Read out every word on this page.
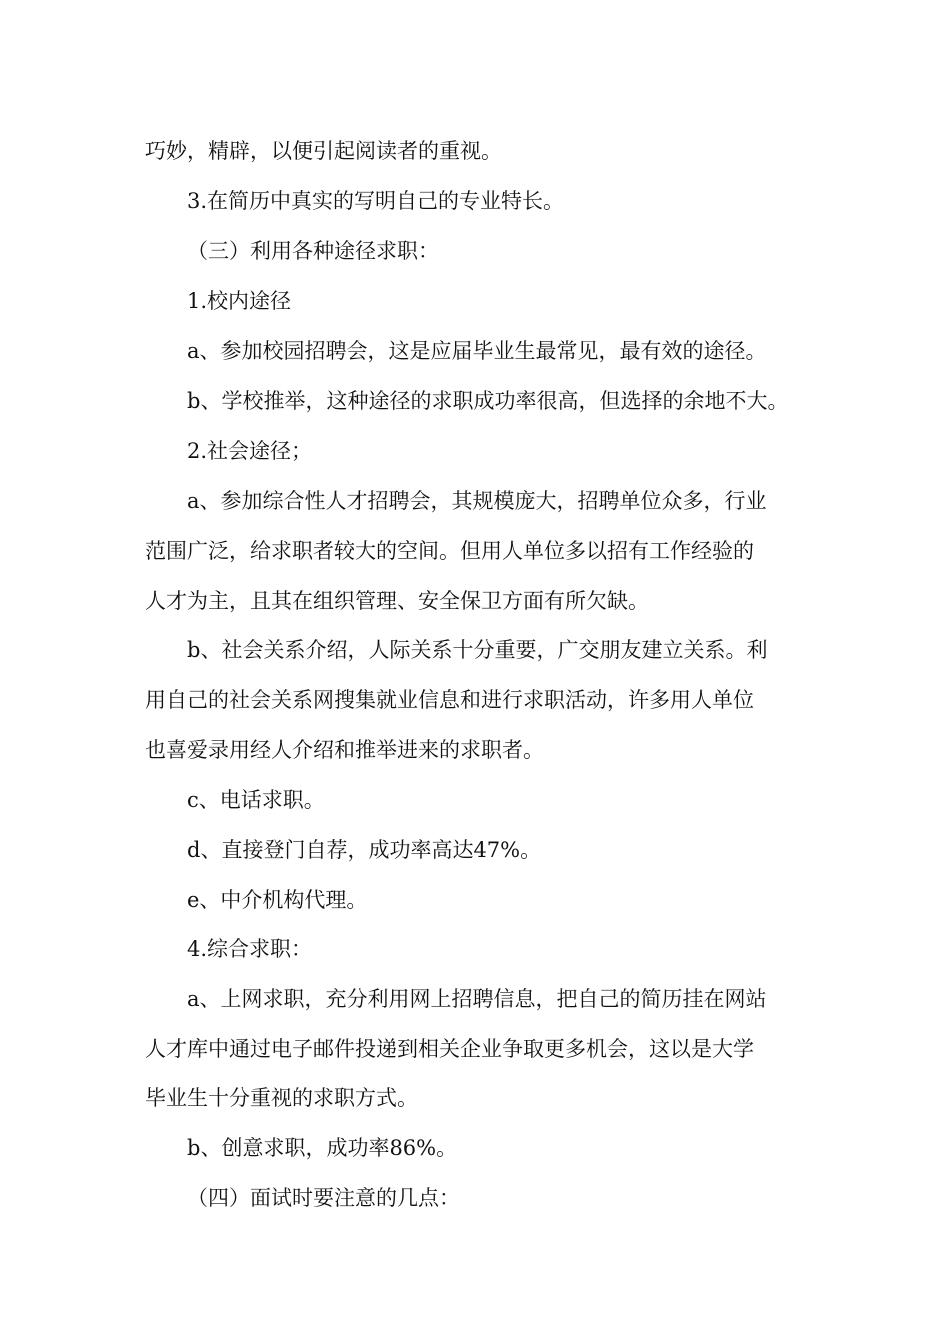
巧妙，精辟，以便引起阅读者的重视。

3.在简历中真实的写明自己的专业特长。

（三）利用各种途径求职：

1.校内途径

a、参加校园招聘会，这是应届毕业生最常见，最有效的途径。

b、学校推举，这种途径的求职成功率很高，但选择的余地不大。

2.社会途径；

a、参加综合性人才招聘会，其规模庞大，招聘单位众多，行业

范围广泛，给求职者较大的空间。但用人单位多以招有工作经验的

人才为主，且其在组织管理、安全保卫方面有所欠缺。

b、社会关系介绍，人际关系十分重要，广交朋友建立关系。利

用自己的社会关系网搜集就业信息和进行求职活动，许多用人单位

也喜爱录用经人介绍和推举进来的求职者。

c、电话求职。

d、直接登门自荐，成功率高达47%。

e、中介机构代理。

4.综合求职：

a、上网求职，充分利用网上招聘信息，把自己的简历挂在网站

人才库中通过电子邮件投递到相关企业争取更多机会，这以是大学

毕业生十分重视的求职方式。

b、创意求职，成功率86%。

（四）面试时要注意的几点：
